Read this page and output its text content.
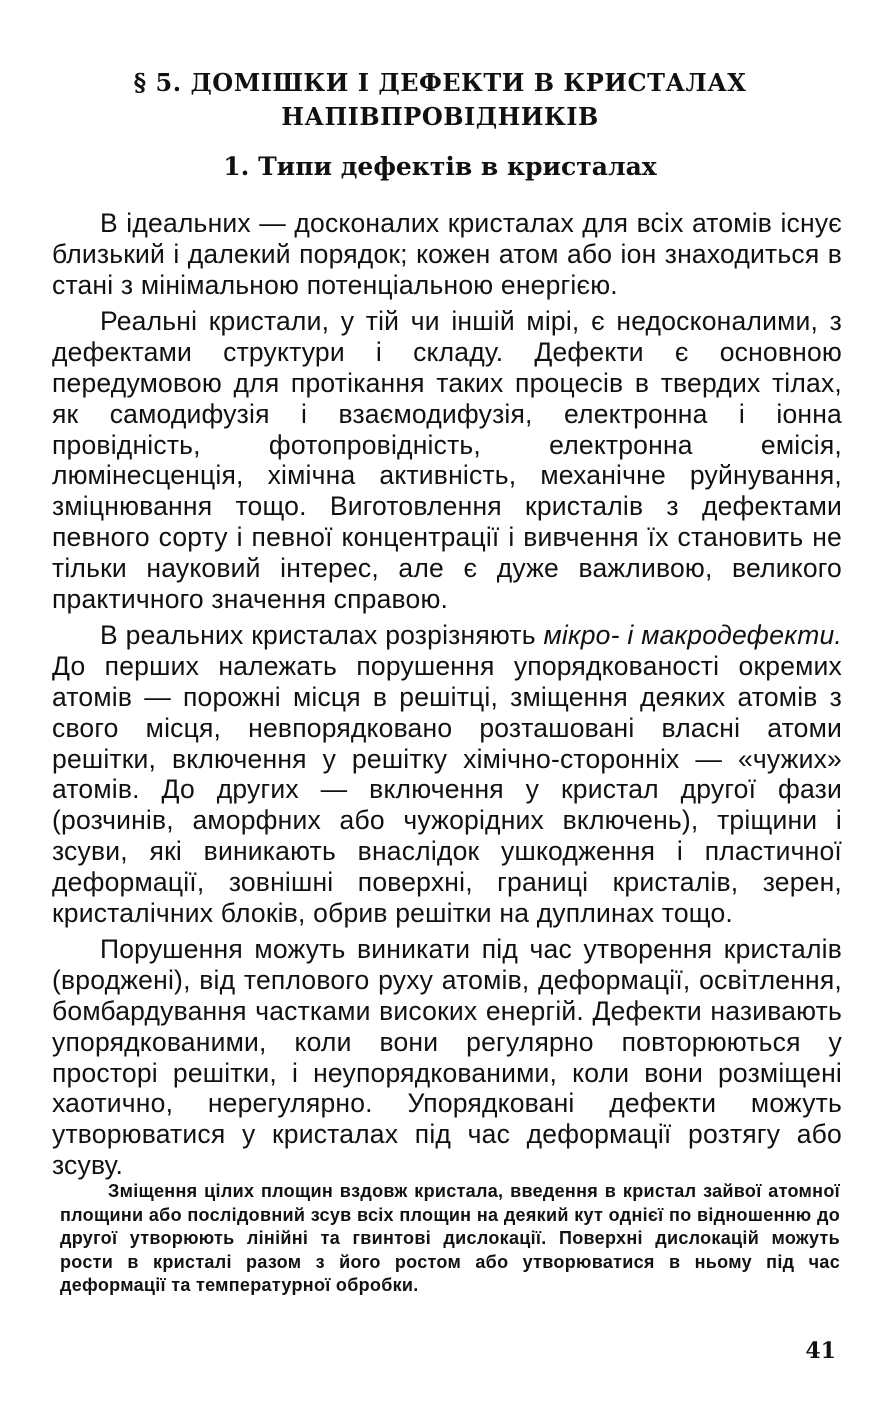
§ 5. ДОМІШКИ І ДЕФЕКТИ В КРИСТАЛАХ
НАПІВПРОВІДНИКІВ
1. Типи дефектів в кристалах

В ідеальних — досконалих кристалах для всіх атомів існує близький і далекий порядок; кожен атом або іон знаходиться в стані з мінімальною потенціальною енергією.

Реальні кристали, у тій чи іншій мірі, є недосконалими, з дефектами структури і складу. Дефекти є основною передумовою для протікання таких процесів в твердих тілах, як самодифузія і взаємодифузія, електронна і іонна провідність, фотопровідність, електронна емісія, люмінесценція, хімічна активність, механічне руйнування, зміцнювання тощо. Виготовлення кристалів з дефектами певного сорту і певної концентрації і вивчення їх становить не тільки науковий інтерес, але є дуже важливою, великого практичного значення справою.

В реальних кристалах розрізняють мікро- і макродефекти. До перших належать порушення упорядкованості окремих атомів — порожні місця в решітці, зміщення деяких атомів з свого місця, невпорядковано розташовані власні атоми решітки, включення у решітку хімічно-сторонніх — «чужих» атомів. До других — включення у кристал другої фази (розчинів, аморфних або чужорідних включень), тріщини і зсуви, які виникають внаслідок ушкодження і пластичної деформації, зовнішні поверхні, границі кристалів, зерен, кристалічних блоків, обрив решітки на дуплинах тощо.

Порушення можуть виникати під час утворення кристалів (вроджені), від теплового руху атомів, деформації, освітлення, бомбардування частками високих енергій. Дефекти називають упорядкованими, коли вони регулярно повторюються у просторі решітки, і неупорядкованими, коли вони розміщені хаотично, нерегулярно. Упорядковані дефекти можуть утворюватися у кристалах під час деформації розтягу або зсуву.

Зміщення цілих площин вздовж кристала, введення в кристал зайвої атомної площини або послідовний зсув всіх площин на деякий кут однієї по відношенню до другої утворюють лінійні та гвинтові дислокації. Поверхні дислокацій можуть рости в кристалі разом з його ростом або утворюватися в ньому під час деформації та температурної обробки.
41
